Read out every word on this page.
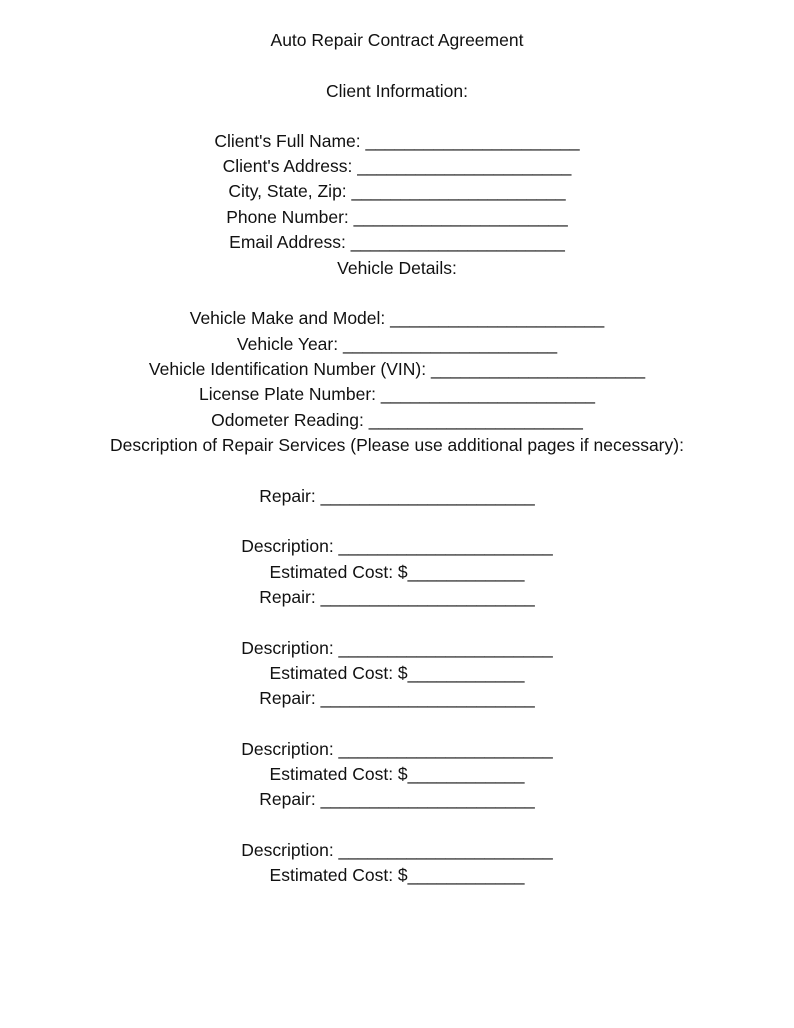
Auto Repair Contract Agreement
Client Information:
Client's Full Name: ______________________
Client's Address: ______________________
City, State, Zip: ______________________
Phone Number: ______________________
Email Address: ______________________
Vehicle Details:
Vehicle Make and Model: ______________________
Vehicle Year: ______________________
Vehicle Identification Number (VIN): ______________________
License Plate Number: ______________________
Odometer Reading: ______________________
Description of Repair Services (Please use additional pages if necessary):
Repair: ______________________
Description: ______________________
Estimated Cost: $____________
Repair: ______________________
Description: ______________________
Estimated Cost: $____________
Repair: ______________________
Description: ______________________
Estimated Cost: $____________
Repair: ______________________
Description: ______________________
Estimated Cost: $____________
